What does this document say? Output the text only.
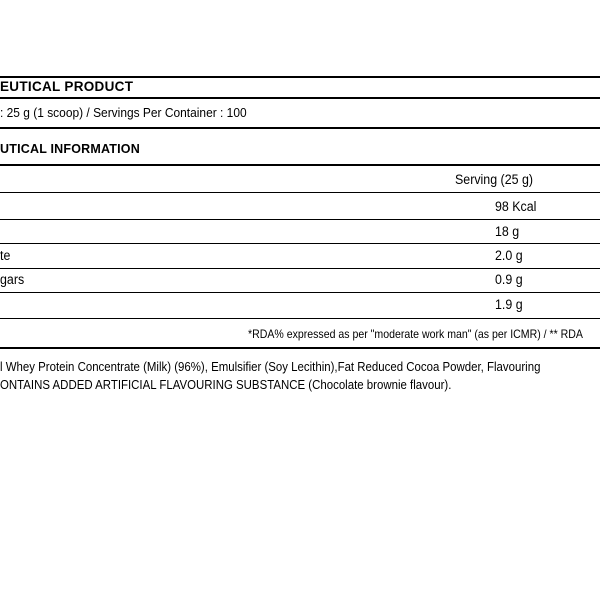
EUTICAL PRODUCT
: 25 g (1 scoop) / Servings Per Container : 100
UTICAL INFORMATION
Serving (25 g)
98 Kcal
18 g
te	2.0 g
gars	0.9 g
1.9 g
*RDA% expressed as per "moderate work man" (as per ICMR) / ** RDA
l Whey Protein Concentrate (Milk) (96%), Emulsifier (Soy Lecithin),Fat Reduced Cocoa Powder, Flavouring
ONTAINS ADDED ARTIFICIAL FLAVOURING SUBSTANCE (Chocolate brownie flavour).
